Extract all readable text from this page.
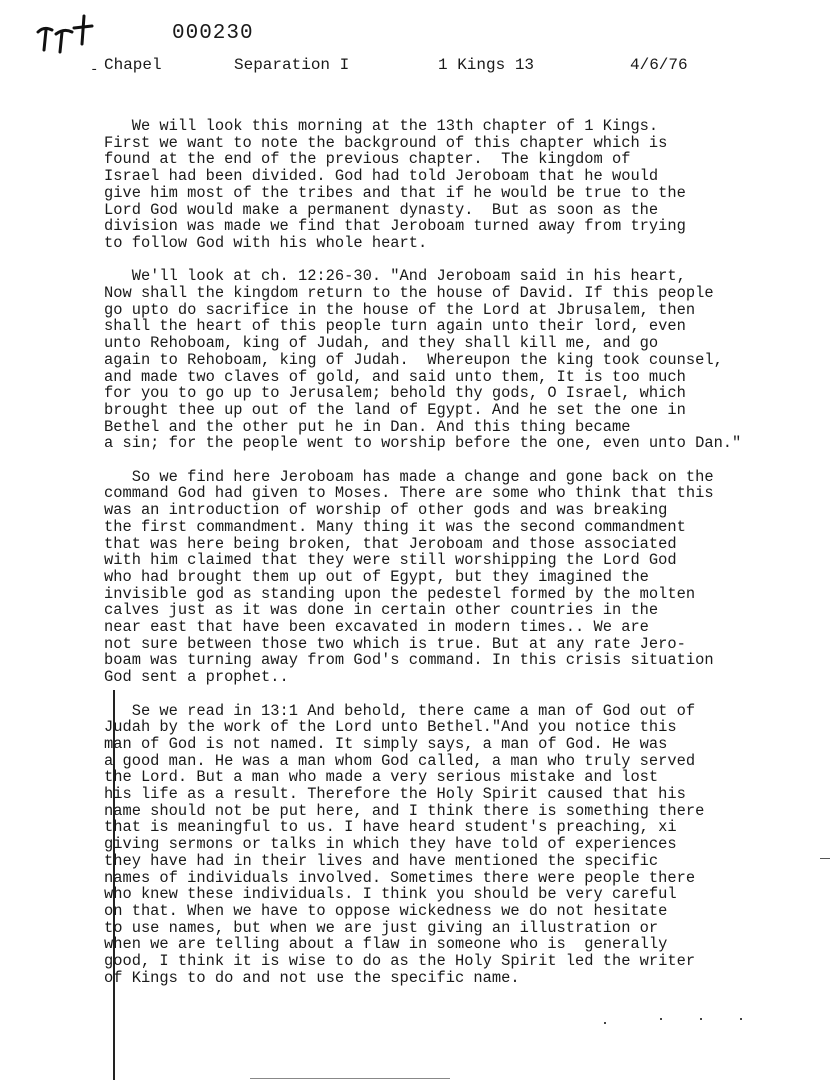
000230
- Chapel	Separation I	1 Kings 13	4/6/76
We will look this morning at the 13th chapter of 1 Kings.
First we want to note the background of this chapter which is
found at the end of the previous chapter.  The kingdom of
Israel had been divided. God had told Jeroboam that he would
give him most of the tribes and that if he would be true to the
Lord God would make a permanent dynasty.  But as soon as the
division was made we find that Jeroboam turned away from trying
to follow God with his whole heart.
We'll look at ch. 12:26-30. "And Jeroboam said in his heart,
Now shall the kingdom return to the house of David. If this people
go upto do sacrifice in the house of the Lord at Jbrusalem, then
shall the heart of this people turn again unto their lord, even
unto Rehoboam, king of Judah, and they shall kill me, and go
again to Rehoboam, king of Judah.  Whereupon the king took counsel,
and made two claves of gold, and said unto them, It is too much
for you to go up to Jerusalem; behold thy gods, O Israel, which
brought thee up out of the land of Egypt. And he set the one in
Bethel and the other put he in Dan. And this thing became
a sin; for the people went to worship before the one, even unto Dan."
So we find here Jeroboam has made a change and gone back on the
command God had given to Moses. There are some who think that this
was an introduction of worship of other gods and was breaking
the first commandment. Many thing it was the second commandment
that was here being broken, that Jeroboam and those associated
with him claimed that they were still worshipping the Lord God
who had brought them up out of Egypt, but they imagined the
invisible god as standing upon the pedestel formed by the molten
calves just as it was done in certain other countries in the
near east that have been excavated in modern times.. We are
not sure between those two which is true. But at any rate Jero-
boam was turning away from God's command. In this crisis situation
God sent a prophet..
Se we read in 13:1 And behold, there came a man of God out of
Judah by the work of the Lord unto Bethel."And you notice this
man of God is not named. It simply says, a man of God. He was
a good man. He was a man whom God called, a man who truly served
the Lord. But a man who made a very serious mistake and lost
his life as a result. Therefore the Holy Spirit caused that his
name should not be put here, and I think there is something there
that is meaningful to us. I have heard student's preaching, xi
giving sermons or talks in which they have told of experiences
they have had in their lives and have mentioned the specific
names of individuals involved. Sometimes there were people there
who knew these individuals. I think you should be very careful
on that. When we have to oppose wickedness we do not hesitate
to use names, but when we are just giving an illustration or
when we are telling about a flaw in someone who is  generally
good, I think it is wise to do as the Holy Spirit led the writer
of Kings to do and not use the specific name.
